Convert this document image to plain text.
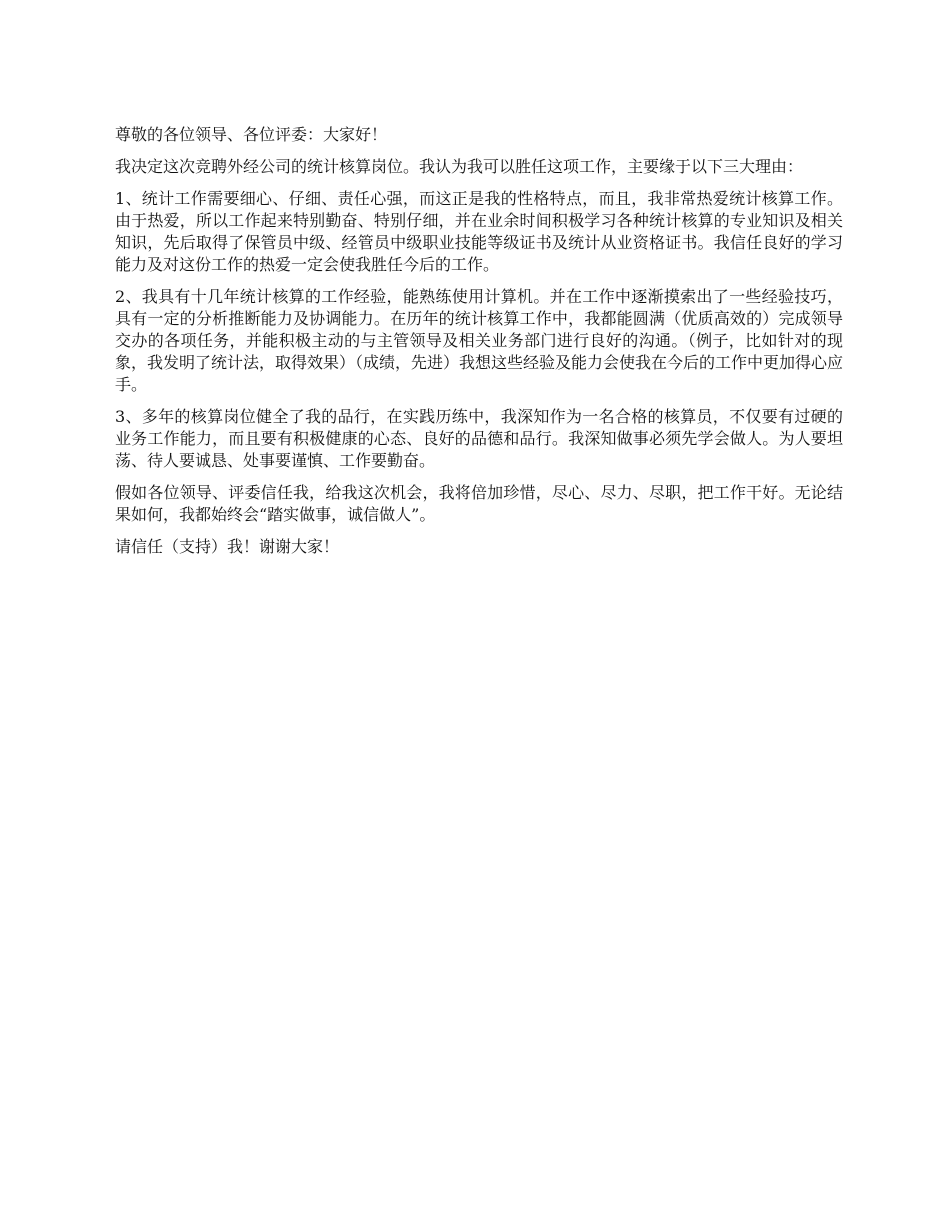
尊敬的各位领导、各位评委：大家好！

我决定这次竞聘外经公司的统计核算岗位。我认为我可以胜任这项工作，主要缘于以下三大理由：

1、统计工作需要细心、仔细、责任心强，而这正是我的性格特点，而且，我非常热爱统计核算工作。由于热爱，所以工作起来特别勤奋、特别仔细，并在业余时间积极学习各种统计核算的专业知识及相关知识，先后取得了保管员中级、经管员中级职业技能等级证书及统计从业资格证书。我信任良好的学习能力及对这份工作的热爱一定会使我胜任今后的工作。

2、我具有十几年统计核算的工作经验，能熟练使用计算机。并在工作中逐渐摸索出了一些经验技巧，具有一定的分析推断能力及协调能力。在历年的统计核算工作中，我都能圆满（优质高效的）完成领导交办的各项任务，并能积极主动的与主管领导及相关业务部门进行良好的沟通。（例子，比如针对的现象，我发明了统计法，取得效果）（成绩，先进）我想这些经验及能力会使我在今后的工作中更加得心应手。

3、多年的核算岗位健全了我的品行，在实践历练中，我深知作为一名合格的核算员，不仅要有过硬的业务工作能力，而且要有积极健康的心态、良好的品德和品行。我深知做事必须先学会做人。为人要坦荡、待人要诚恳、处事要谨慎、工作要勤奋。

假如各位领导、评委信任我，给我这次机会，我将倍加珍惜，尽心、尽力、尽职，把工作干好。无论结果如何，我都始终会“踏实做事，诚信做人”。

请信任（支持）我！谢谢大家！
